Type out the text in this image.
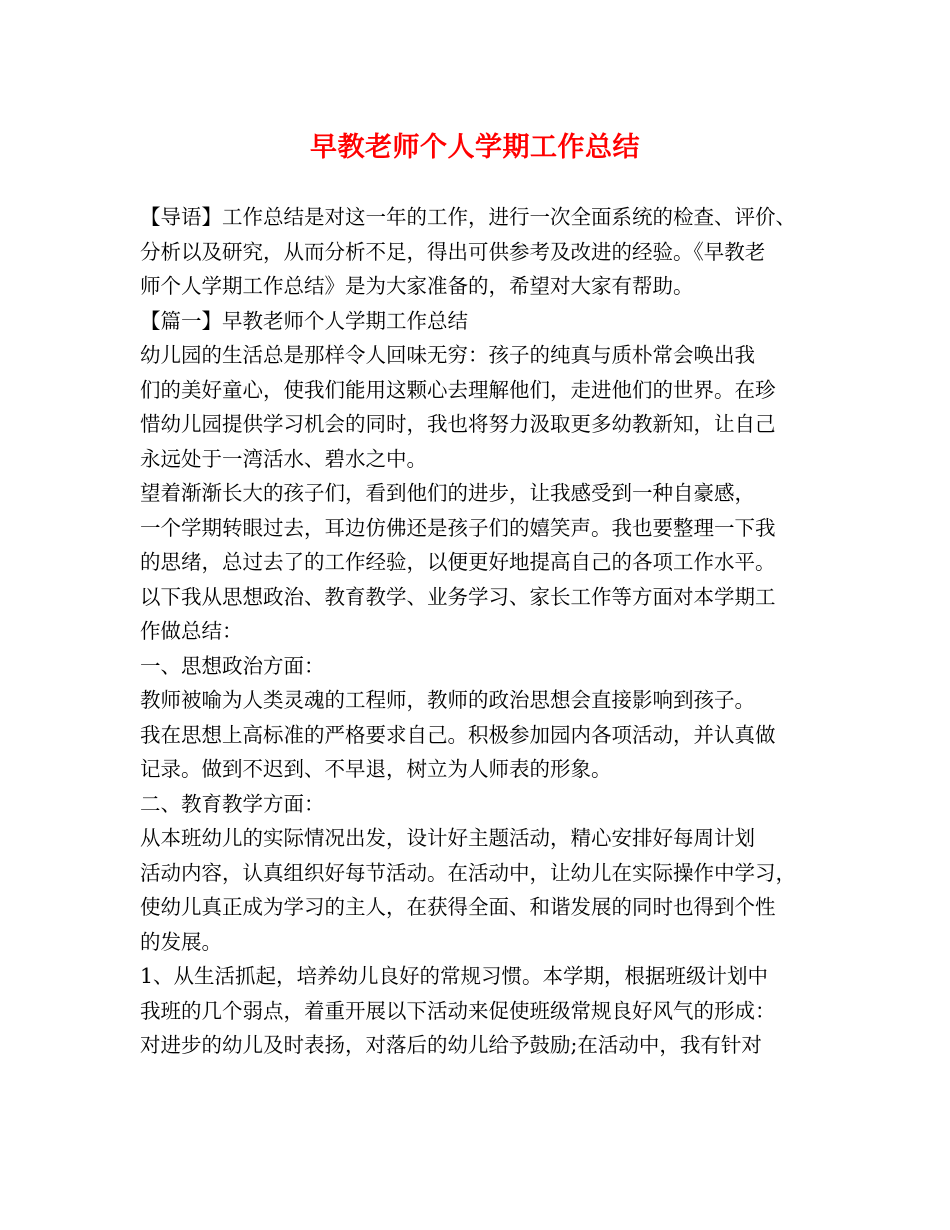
早教老师个人学期工作总结

【导语】工作总结是对这一年的工作，进行一次全面系统的检查、评价、

分析以及研究，从而分析不足，得出可供参考及改进的经验。《早教老

师个人学期工作总结》是为大家准备的，希望对大家有帮助。

【篇一】早教老师个人学期工作总结

幼儿园的生活总是那样令人回味无穷：孩子的纯真与质朴常会唤出我

们的美好童心，使我们能用这颗心去理解他们，走进他们的世界。在珍

惜幼儿园提供学习机会的同时，我也将努力汲取更多幼教新知，让自己

永远处于一湾活水、碧水之中。

望着渐渐长大的孩子们，看到他们的进步，让我感受到一种自豪感，

一个学期转眼过去，耳边仿佛还是孩子们的嬉笑声。我也要整理一下我

的思绪，总过去了的工作经验，以便更好地提高自己的各项工作水平。

以下我从思想政治、教育教学、业务学习、家长工作等方面对本学期工

作做总结：

一、思想政治方面：

教师被喻为人类灵魂的工程师，教师的政治思想会直接影响到孩子。

我在思想上高标准的严格要求自己。积极参加园内各项活动，并认真做

记录。做到不迟到、不早退，树立为人师表的形象。

二、教育教学方面：

从本班幼儿的实际情况出发，设计好主题活动，精心安排好每周计划

活动内容，认真组织好每节活动。在活动中，让幼儿在实际操作中学习，

使幼儿真正成为学习的主人，在获得全面、和谐发展的同时也得到个性

的发展。

1、从生活抓起，培养幼儿良好的常规习惯。本学期，根据班级计划中

我班的几个弱点，着重开展以下活动来促使班级常规良好风气的形成：

对进步的幼儿及时表扬，对落后的幼儿给予鼓励;在活动中，我有针对
